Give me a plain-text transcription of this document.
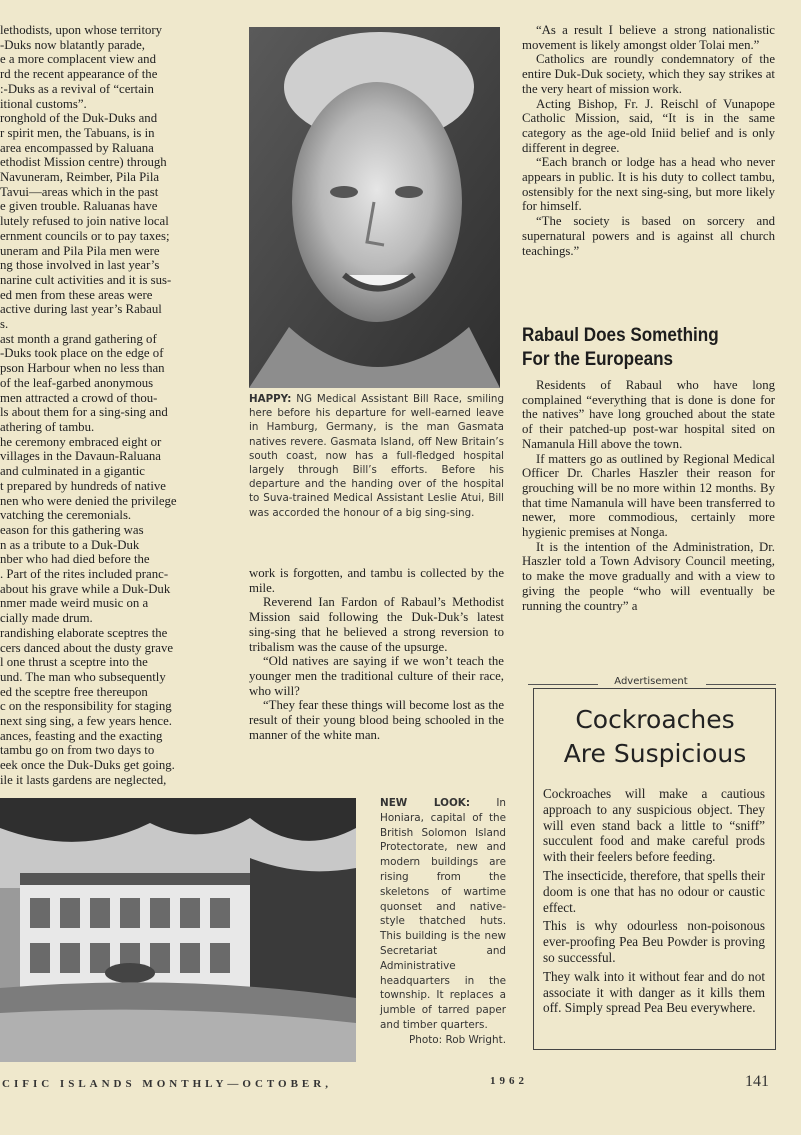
lethodists, upon whose territory
-Duks now blatantly parade,
e a more complacent view and
rd the recent appearance of the
:-Duks as a revival of “certain
itional customs”.
ronghold of the Duk-Duks and
r spirit men, the Tabuans, is in
area encompassed by Raluana
ethodist Mission centre) through
Navuneram, Reimber, Pila Pila
Tavui—areas which in the past
e given trouble. Raluanas have
lutely refused to join native local
ernment councils or to pay taxes;
uneram and Pila Pila men were
ng those involved in last year’s
narine cult activities and it is sus-
ed men from these areas were
active during last year’s Rabaul
s.
ast month a grand gathering of
-Duks took place on the edge of
pson Harbour when no less than
of the leaf-garbed anonymous
men attracted a crowd of thou-
ls about them for a sing-sing and
athering of tambu.
he ceremony embraced eight or
villages in the Davaun-Raluana
and culminated in a gigantic
t prepared by hundreds of native
nen who were denied the privilege
vatching the ceremonials.
eason for this gathering was
n as a tribute to a Duk-Duk
nber who had died before the
. Part of the rites included pranc-
about his grave while a Duk-Duk
nmer made weird music on a
cially made drum.
randishing elaborate sceptres the
cers danced about the dusty grave
l one thrust a sceptre into the
und. The man who subsequently
ed the sceptre free thereupon
c on the responsibility for staging
next sing sing, a few years hence.
ances, feasting and the exacting
tambu go on from two days to
eek once the Duk-Duks get going.
ile it lasts gardens are neglected,
HAPPY: NG Medical Assistant Bill Race, smiling here before his departure for well-earned leave in Hamburg, Germany, is the man Gasmata natives revere. Gasmata Island, off New Britain’s south coast, now has a full-fledged hospital largely through Bill’s efforts. Before his departure and the handing over of the hospital to Suva-trained Medical Assistant Leslie Atui, Bill was accorded the honour of a big sing-sing.

work is forgotten, and tambu is collected by the mile.

Reverend Ian Fardon of Rabaul’s Methodist Mission said following the Duk-Duk’s latest sing-sing that he believed a strong reversion to tribalism was the cause of the upsurge.

“Old natives are saying if we won’t teach the younger men the traditional culture of their race, who will?

“They fear these things will become lost as the result of their young blood being schooled in the manner of the white man.

“As a result I believe a strong nationalistic movement is likely amongst older Tolai men.”

Catholics are roundly condemnatory of the entire Duk-Duk society, which they say strikes at the very heart of mission work.

Acting Bishop, Fr. J. Reischl of Vunapope Catholic Mission, said, “It is in the same category as the age-old Iniid belief and is only different in degree.

“Each branch or lodge has a head who never appears in public. It is his duty to collect tambu, ostensibly for the next sing-sing, but more likely for himself.

“The society is based on sorcery and supernatural powers and is against all church teachings.”

Rabaul Does Something
For the Europeans

Residents of Rabaul who have long complained “everything that is done is done for the natives” have long grouched about the state of their patched-up post-war hospital sited on Namanula Hill above the town.

If matters go as outlined by Regional Medical Officer Dr. Charles Haszler their reason for grouching will be no more within 12 months. By that time Namanula will have been transferred to newer, more commodious, certainly more hygienic premises at Nonga.

It is the intention of the Administration, Dr. Haszler told a Town Advisory Council meeting, to make the move gradually and with a view to giving the people “who will eventually be running the country” a

NEW LOOK:	In Honiara, capital of the British Solomon Island Protectorate, new and modern buildings are rising from the skeletons of wartime quonset and native-style thatched huts. This building is the new Secretariat and Administrative headquarters in the township. It replaces a jumble of tarred paper and timber quarters.
Photo: Rob Wright.
Advertisement
Cockroaches
Are Suspicious

Cockroaches will make a cautious approach to any suspicious object. They will even stand back a little to “sniff” succulent food and make careful prods with their feelers before feeding.

The insecticide, therefore, that spells their doom is one that has no odour or caustic effect.

This is why odourless non-poisonous ever-proofing Pea Beu Powder is proving so successful.

They walk into it without fear and do not associate it with danger as it kills them off. Simply spread Pea Beu everywhere.

CIFIC ISLANDS MONTHLY—OCTOBER,	1962	141
